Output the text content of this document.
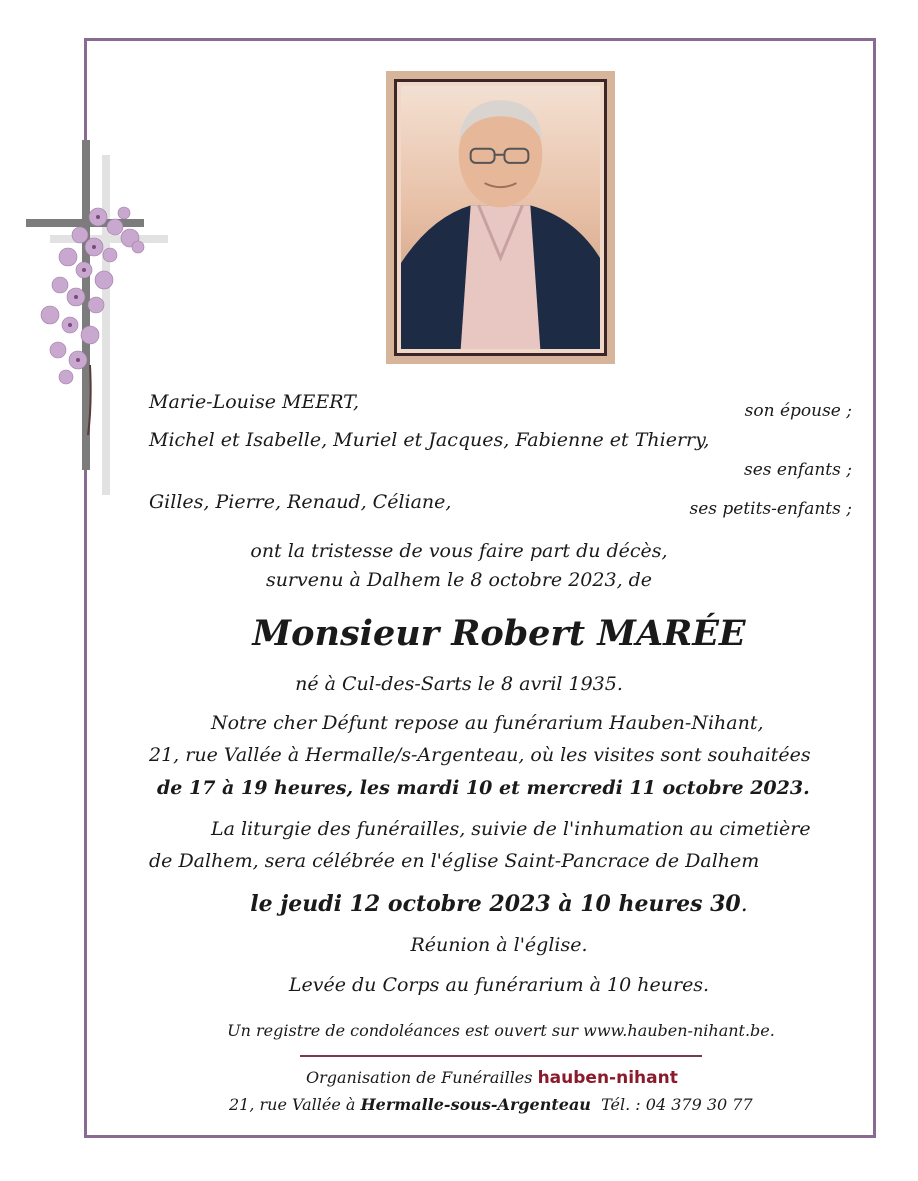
Marie-Louise MEERT,	son épouse ;
Michel et Isabelle, Muriel et Jacques, Fabienne et Thierry,
ses enfants ;
Gilles, Pierre, Renaud, Céliane,	ses petits-enfants ;
ont la tristesse de vous faire part du décès,
survenu à Dalhem le 8 octobre 2023, de
Monsieur Robert MARÉE
né à Cul-des-Sarts le 8 avril 1935.
Notre cher Défunt repose au funérarium Hauben-Nihant,
21, rue Vallée à Hermalle/s-Argenteau, où les visites sont souhaitées
de 17 à 19 heures, les mardi 10 et mercredi 11 octobre 2023.
La liturgie des funérailles, suivie de l'inhumation au cimetière
de Dalhem, sera célébrée en l'église Saint-Pancrace de Dalhem
le jeudi 12 octobre 2023 à 10 heures 30.
Réunion à l'église.
Levée du Corps au funérarium à 10 heures.
Un registre de condoléances est ouvert sur www.hauben-nihant.be.
Organisation de Funérailles hauben-nihant
21, rue Vallée à Hermalle-sous-Argenteau Tél. : 04 379 30 77
